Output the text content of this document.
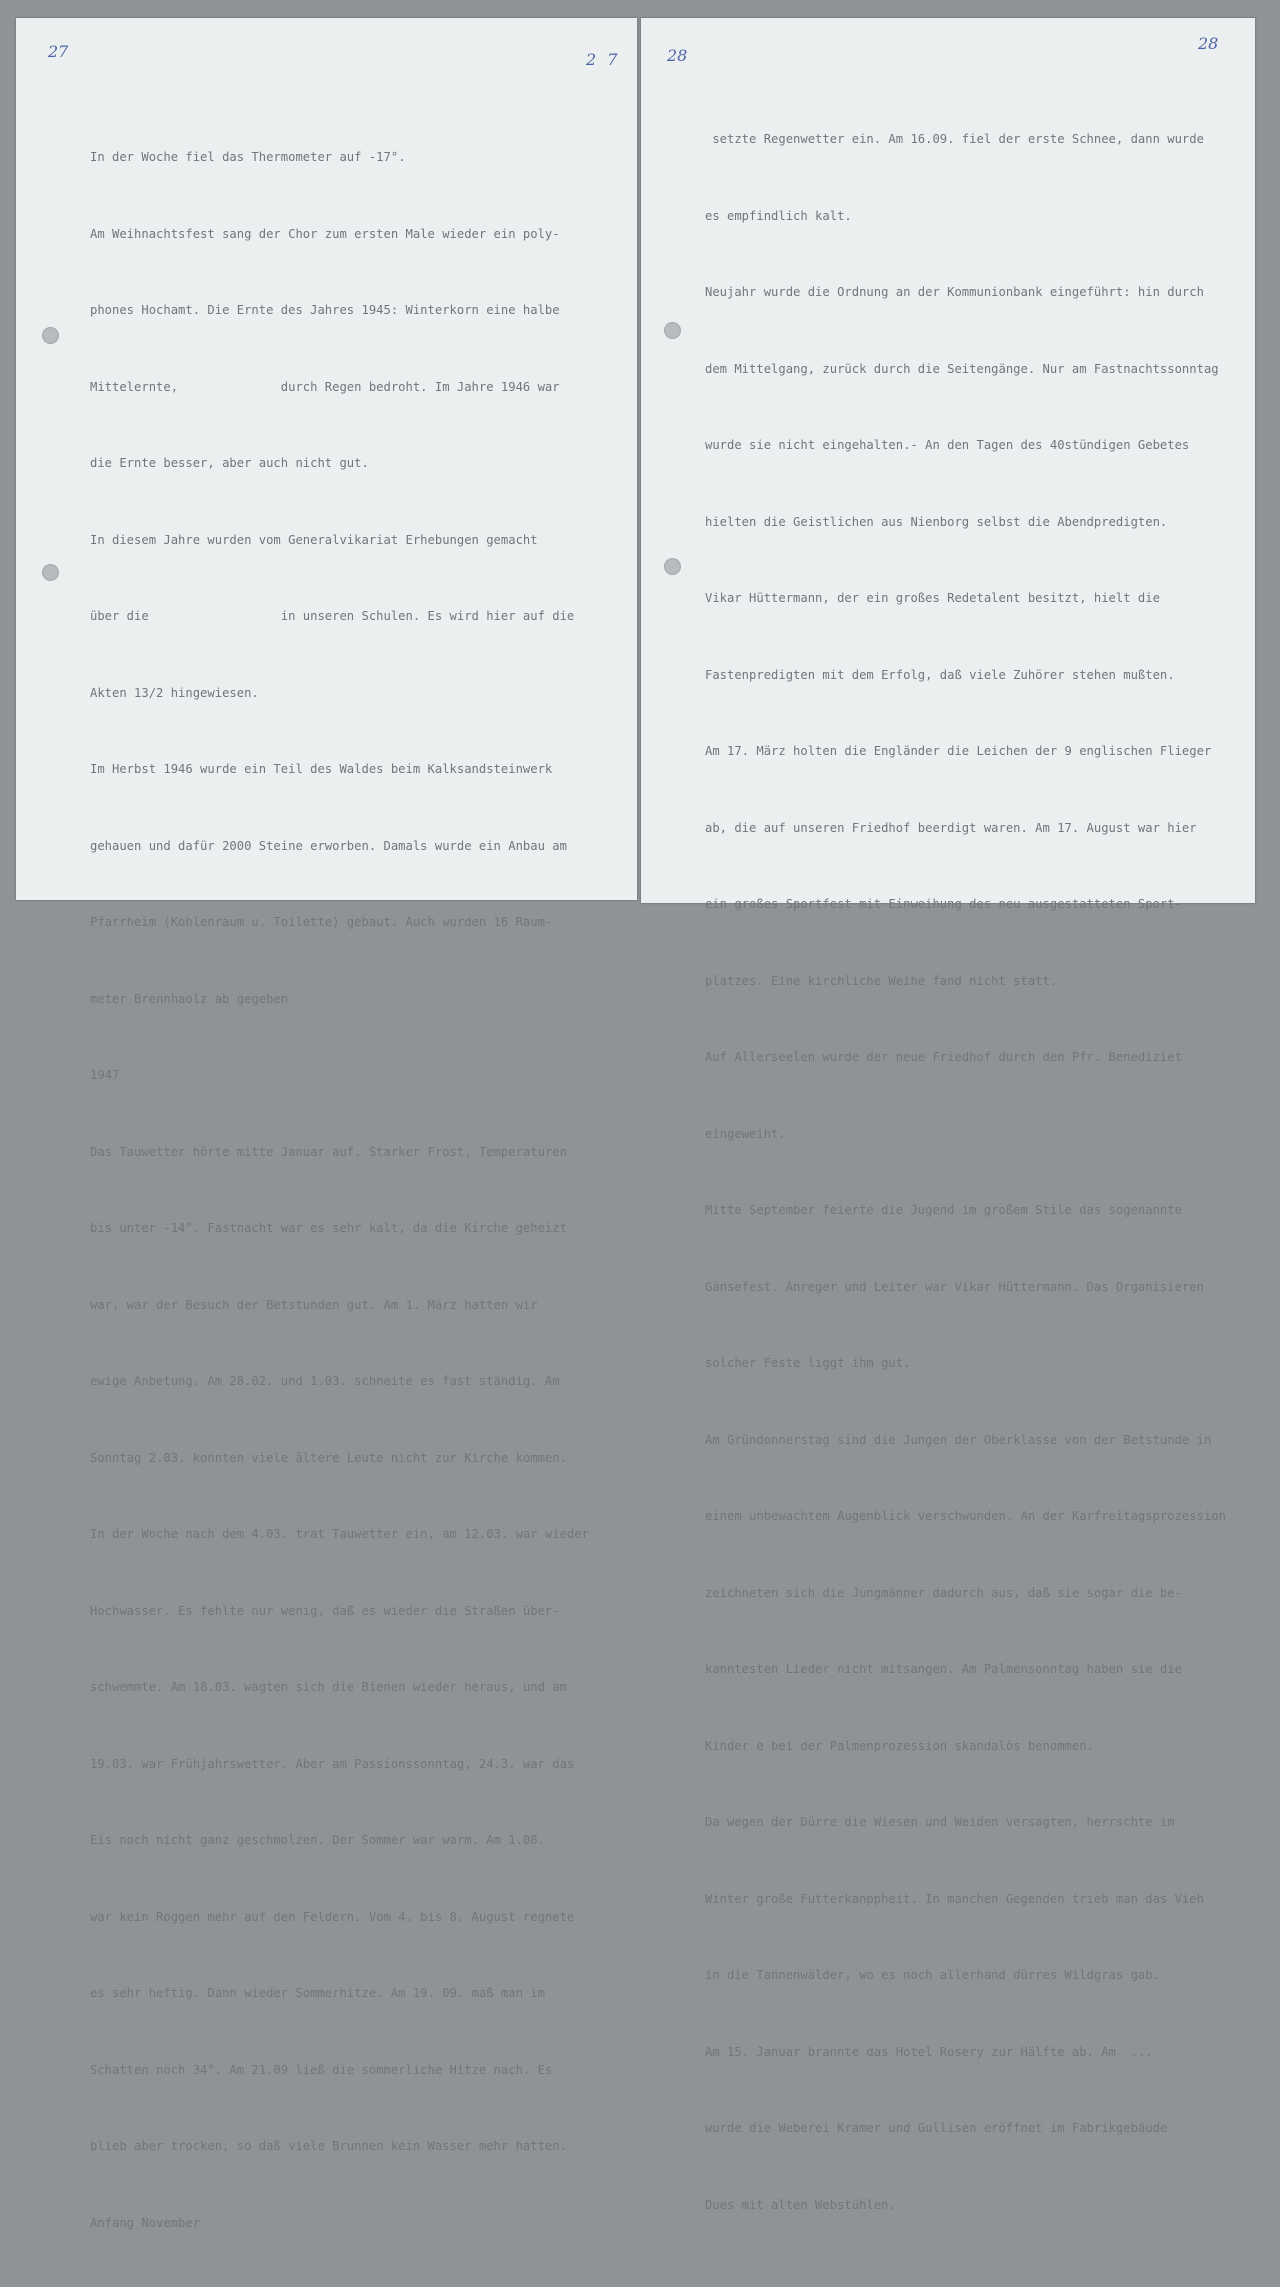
27	2 7

In der Woche fiel das Thermometer auf -17°.

Am Weihnachtsfest sang der Chor zum ersten Male wieder ein poly-

phones Hochamt. Die Ernte des Jahres 1945: Winterkorn eine halbe

Mittelernte,              durch Regen bedroht. Im Jahre 1946 war

die Ernte besser, aber auch nicht gut.

In diesem Jahre wurden vom Generalvikariat Erhebungen gemacht

über die                  in unseren Schulen. Es wird hier auf die

Akten 13/2 hingewiesen.

Im Herbst 1946 wurde ein Teil des Waldes beim Kalksandsteinwerk

gehauen und dafür 2000 Steine erworben. Damals wurde ein Anbau am

Pfarrheim (Kohlenraum u. Toilette) gebaut. Auch wurden 16 Raum-

meter Brennhaolz ab gegeben

1947

Das Tauwetter hörte mitte Januar auf. Starker Frost, Temperaturen

bis unter -14°. Fastnacht war es sehr kalt, da die Kirche geheizt

war, war der Besuch der Betstunden gut. Am 1. März hatten wir

ewige Anbetung. Am 28.02. und 1.03. schneite es fast ständig. Am

Sonntag 2.03. konnten viele ältere Leute nicht zur Kirche kommen.

In der Woche nach dem 4.03. trat Tauwetter ein, am 12.03. war wieder

Hochwasser. Es fehlte nur wenig, daß es wieder die Straßen über-

schwemmte. Am 18.03. wagten sich die Bienen wieder heraus, und am

19.03. war Frühjahrswetter. Aber am Passionssonntag, 24.3. war das

Eis noch nicht ganz geschmolzen. Der Sommer war warm. Am 1.08.

war kein Roggen mehr auf den Feldern. Vom 4. bis 8. August regnete

es sehr heftig. Dann wieder Sommerhitze. Am 19. 09. maß man im

Schatten noch 34°. Am 21.09 ließ die sommerliche Hitze nach. Es

blieb aber trocken, so daß viele Brunnen kein Wasser mehr hatten.

Anfang November

28

28

setzte Regenwetter ein. Am 16.09. fiel der erste Schnee, dann wurde

es empfindlich kalt.

Neujahr wurde die Ordnung an der Kommunionbank eingeführt: hin durch

dem Mittelgang, zurück durch die Seitengänge. Nur am Fastnachtssonntag

wurde sie nicht eingehalten.- An den Tagen des 40stündigen Gebetes

hielten die Geistlichen aus Nienborg selbst die Abendpredigten.

Vikar Hüttermann, der ein großes Redetalent besitzt, hielt die

Fastenpredigten mit dem Erfolg, daß viele Zuhörer stehen mußten.

Am 17. März holten die Engländer die Leichen der 9 englischen Flieger

ab, die auf unseren Friedhof beerdigt waren. Am 17. August war hier

ein großes Sportfest mit Einweihung des neu ausgestatteten Sport-

platzes. Eine kirchliche Weihe fand nicht statt.

Auf Allerseelen wurde der neue Friedhof durch den Pfr. Benediziet

eingeweiht.

Mitte September feierte die Jugend im großem Stile das sogenannte

Gänsefest. Anreger und Leiter war Vikar Hüttermann. Das Organisieren

solcher Feste liggt ihm gut.

Am Gründonnerstag sind die Jungen der Oberklasse von der Betstunde in

einem unbewachtem Augenblick verschwunden. An der Karfreitagsprozession

zeichneten sich die Jungmänner dadurch aus, daß sie sogar die be-

kanntesten Lieder nicht mitsangen. Am Palmensonntag haben sie die

Kinder e bei der Palmenprozession skandalös benommen.

Da wegen der Dürre die Wiesen und Weiden versagten, herrschte im

Winter große Futterkanppheit. In manchen Gegenden trieb man das Vieh

in die Tannenwälder, wo es noch allerhand dürres Wildgras gab.

Am 15. Januar brannte das Hotel Rosery zur Hälfte ab. Am  ...

wurde die Weberei Kramer und Gullisen eröffnet im Fabrikgebäude

Dues mit alten Webstühlen.
